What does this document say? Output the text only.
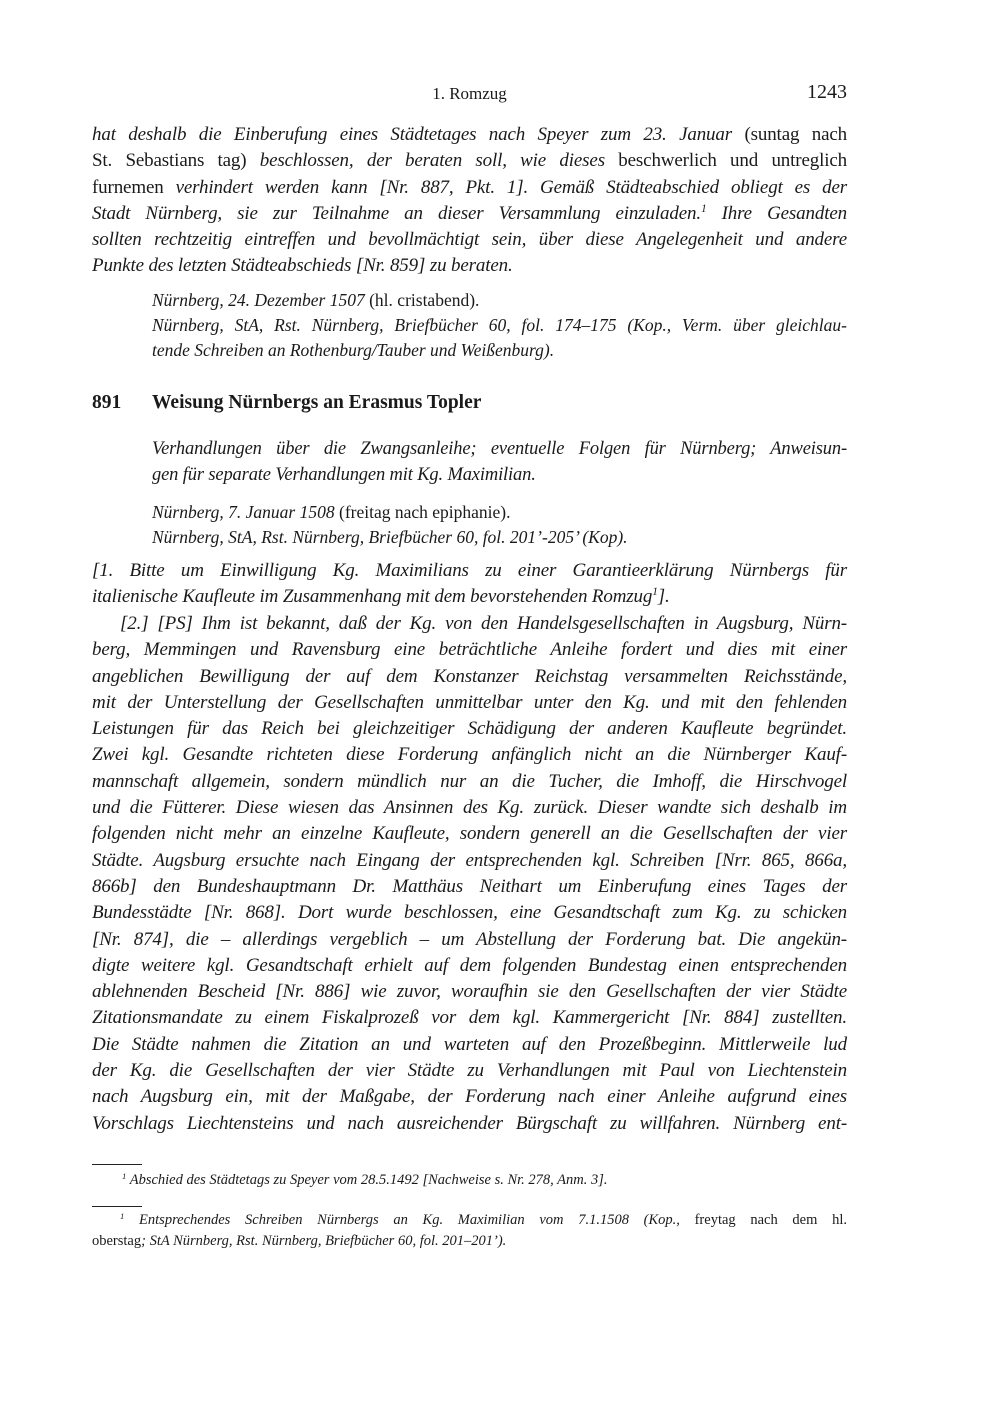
1. Romzug	1243
hat deshalb die Einberufung eines Städtetages nach Speyer zum 23. Januar (suntag nach
St. Sebastians tag) beschlossen, der beraten soll, wie dieses beschwerlich und untreglich
furnemen verhindert werden kann [Nr. 887, Pkt. 1]. Gemäß Städteabschied obliegt es der
Stadt Nürnberg, sie zur Teilnahme an dieser Versammlung einzuladen.$^1$ Ihre Gesandten
sollten rechtzeitig eintreffen und bevollmächtigt sein, über diese Angelegenheit und andere
Punkte des letzten Städteabschieds [Nr. 859] zu beraten.
Nürnberg, 24. Dezember 1507 (hl. cristabend).
Nürnberg, StA, Rst. Nürnberg, Briefbücher 60, fol. 174–175 (Kop., Verm. über gleichlau-
tende Schreiben an Rothenburg/Tauber und Weißenburg).
891 Weisung Nürnbergs an Erasmus Topler
Verhandlungen über die Zwangsanleihe; eventuelle Folgen für Nürnberg; Anweisun-
gen für separate Verhandlungen mit Kg. Maximilian.
Nürnberg, 7. Januar 1508 (freitag nach epiphanie).
Nürnberg, StA, Rst. Nürnberg, Briefbücher 60, fol. 201’-205’ (Kop).
[1. Bitte um Einwilligung Kg. Maximilians zu einer Garantieerklärung Nürnbergs für
italienische Kaufleute im Zusammenhang mit dem bevorstehenden Romzug$^1$].
[2.] [PS] Ihm ist bekannt, daß der Kg. von den Handelsgesellschaften in Augsburg, Nürn-
berg, Memmingen und Ravensburg eine beträchtliche Anleihe fordert und dies mit einer
angeblichen Bewilligung der auf dem Konstanzer Reichstag versammelten Reichsstände,
mit der Unterstellung der Gesellschaften unmittelbar unter den Kg. und mit den fehlenden
Leistungen für das Reich bei gleichzeitiger Schädigung der anderen Kaufleute begründet.
Zwei kgl. Gesandte richteten diese Forderung anfänglich nicht an die Nürnberger Kauf-
mannschaft allgemein, sondern mündlich nur an die Tucher, die Imhoff, die Hirschvogel
und die Fütterer. Diese wiesen das Ansinnen des Kg. zurück. Dieser wandte sich deshalb im
folgenden nicht mehr an einzelne Kaufleute, sondern generell an die Gesellschaften der vier
Städte. Augsburg ersuchte nach Eingang der entsprechenden kgl. Schreiben [Nrr. 865, 866a,
866b] den Bundeshauptmann Dr. Matthäus Neithart um Einberufung eines Tages der
Bundesstädte [Nr. 868]. Dort wurde beschlossen, eine Gesandtschaft zum Kg. zu schicken
[Nr. 874], die – allerdings vergeblich – um Abstellung der Forderung bat. Die angekün-
digte weitere kgl. Gesandtschaft erhielt auf dem folgenden Bundestag einen entsprechenden
ablehnenden Bescheid [Nr. 886] wie zuvor, woraufhin sie den Gesellschaften der vier Städte
Zitationsmandate zu einem Fiskalprozeß vor dem kgl. Kammergericht [Nr. 884] zustellten.
Die Städte nahmen die Zitation an und warteten auf den Prozeßbeginn. Mittlerweile lud
der Kg. die Gesellschaften der vier Städte zu Verhandlungen mit Paul von Liechtenstein
nach Augsburg ein, mit der Maßgabe, der Forderung nach einer Anleihe aufgrund eines
Vorschlags Liechtensteins und nach ausreichender Bürgschaft zu willfahren. Nürnberg ent-
$^1$ Abschied des Städtetags zu Speyer vom 28.5.1492 [Nachweise s. Nr. 278, Anm. 3].
$^1$ Entsprechendes Schreiben Nürnbergs an Kg. Maximilian vom 7.1.1508 (Kop., freytag nach dem hl.
oberstag; StA Nürnberg, Rst. Nürnberg, Briefbücher 60, fol. 201–201’).
